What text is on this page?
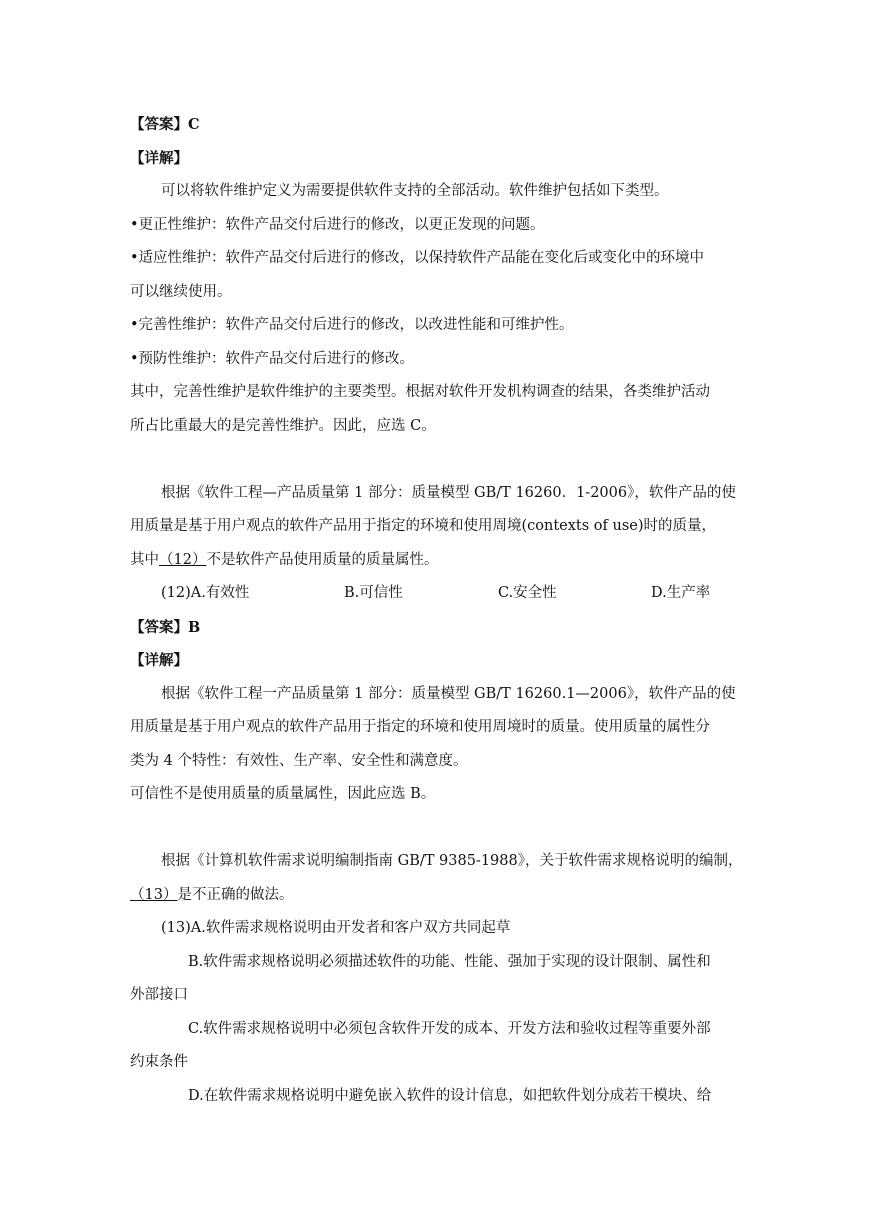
【答案】C
【详解】
可以将软件维护定义为需要提供软件支持的全部活动。软件维护包括如下类型。
•更正性维护：软件产品交付后进行的修改，以更正发现的问题。
•适应性维护：软件产品交付后进行的修改，以保持软件产品能在变化后或变化中的环境中
可以继续使用。
•完善性维护：软件产品交付后进行的修改，以改进性能和可维护性。
•预防性维护：软件产品交付后进行的修改。
其中，完善性维护是软件维护的主要类型。根据对软件开发机构调查的结果，各类维护活动
所占比重最大的是完善性维护。因此，应选 C。
根据《软件工程—产品质量第 1 部分：质量模型 GB/T 16260．1-2006》，软件产品的使
用质量是基于用户观点的软件产品用于指定的环境和使用周境(contexts of use)时的质量，
其中（12）不是软件产品使用质量的质量属性。
(12)A.有效性	B.可信性	C.安全性	D.生产率
【答案】B
【详解】
根据《软件工程一产品质量第 1 部分：质量模型 GB/T 16260.1—2006》，软件产品的使
用质量是基于用户观点的软件产品用于指定的环境和使用周境时的质量。使用质量的属性分
类为 4 个特性：有效性、生产率、安全性和满意度。
可信性不是使用质量的质量属性，因此应选 B。
根据《计算机软件需求说明编制指南 GB/T 9385-1988》，关于软件需求规格说明的编制，
（13）是不正确的做法。
(13)A.软件需求规格说明由开发者和客户双方共同起草
B.软件需求规格说明必须描述软件的功能、性能、强加于实现的设计限制、属性和
外部接口
C.软件需求规格说明中必须包含软件开发的成本、开发方法和验收过程等重要外部
约束条件
D.在软件需求规格说明中避免嵌入软件的设计信息，如把软件划分成若干模块、给
